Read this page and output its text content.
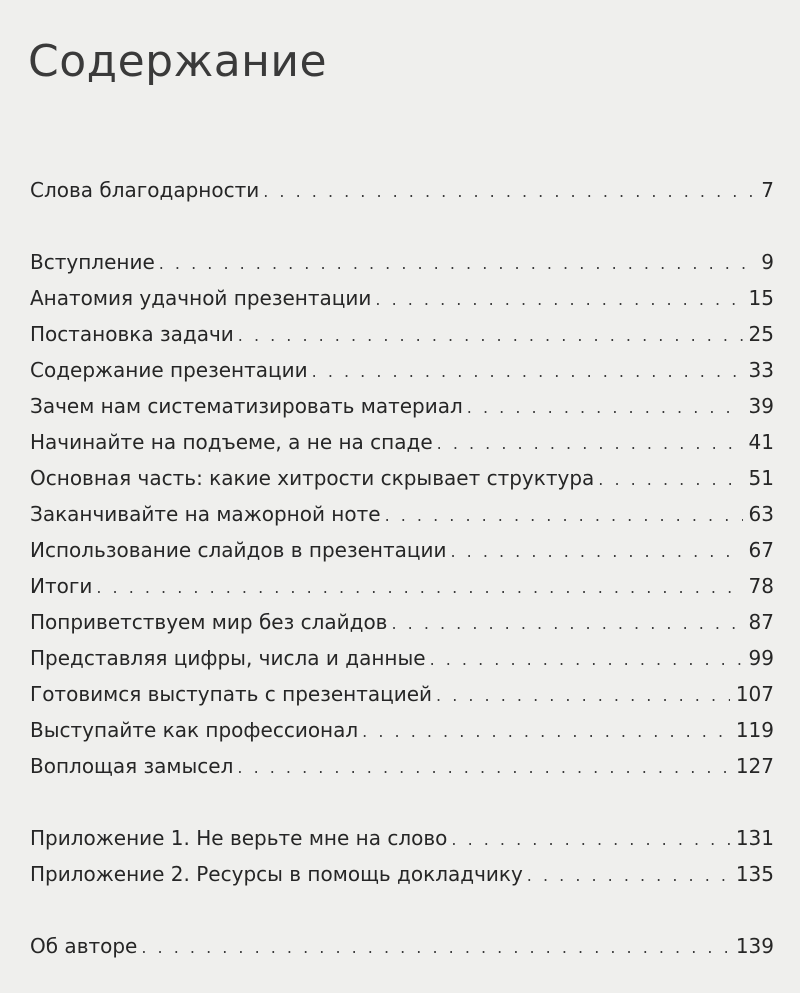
Содержание
Слова благодарности . . .	7
Вступление . . .	9
Анатомия удачной презентации . . .	15
Постановка задачи . . .	25
Содержание презентации . . .	33
Зачем нам систематизировать материал . . .	39
Начинайте на подъеме, а не на спаде . . .	41
Основная часть: какие хитрости скрывает структура . . .	51
Заканчивайте на мажорной ноте . . .	63
Использование слайдов в презентации . . .	67
Итоги . . .	78
Поприветствуем мир без слайдов . . .	87
Представляя цифры, числа и данные . . .	99
Готовимся выступать с презентацией . . .	107
Выступайте как профессионал . . .	119
Воплощая замысел . . .	127
Приложение 1. Не верьте мне на слово . . .	131
Приложение 2. Ресурсы в помощь докладчику . . .	135
Об авторе . . .	139
